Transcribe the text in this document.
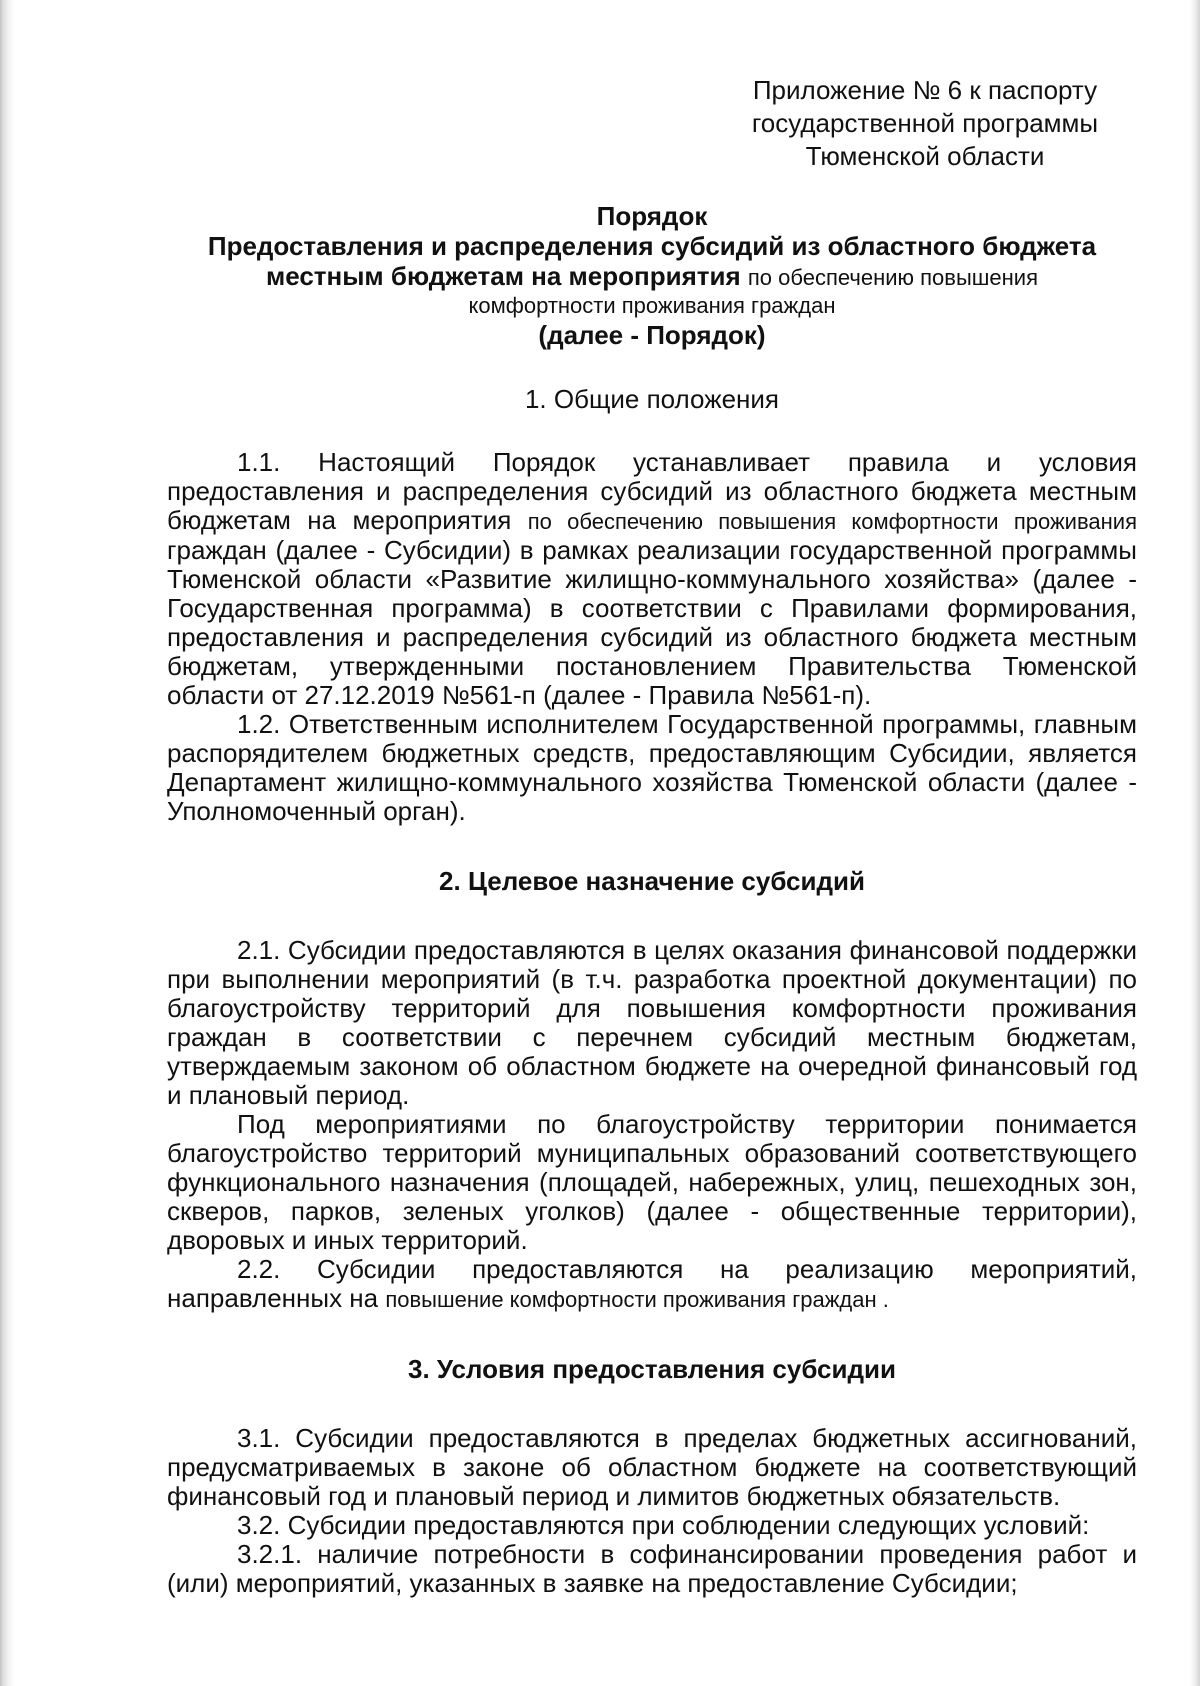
Приложение № 6 к паспорту
государственной программы
Тюменской области
Порядок
Предоставления и распределения субсидий из областного бюджета
местным бюджетам на мероприятия по обеспечению повышения
комфортности проживания граждан
(далее - Порядок)
1. Общие положения

1.1. Настоящий Порядок устанавливает правила и условия предоставления и распределения субсидий из областного бюджета местным бюджетам на мероприятия по обеспечению повышения комфортности проживания граждан (далее - Субсидии) в рамках реализации государственной программы Тюменской области «Развитие жилищно-коммунального хозяйства» (далее - Государственная программа) в соответствии с Правилами формирования, предоставления и распределения субсидий из областного бюджета местным бюджетам, утвержденными постановлением Правительства Тюменской области от 27.12.2019 №561-п (далее - Правила №561-п).

1.2. Ответственным исполнителем Государственной программы, главным распорядителем бюджетных средств, предоставляющим Субсидии, является Департамент жилищно-коммунального хозяйства Тюменской области (далее - Уполномоченный орган).

2. Целевое назначение субсидий

2.1. Субсидии предоставляются в целях оказания финансовой поддержки при выполнении мероприятий (в т.ч. разработка проектной документации) по благоустройству территорий для повышения комфортности проживания граждан в соответствии с перечнем субсидий местным бюджетам, утверждаемым законом об областном бюджете на очередной финансовый год и плановый период.

Под мероприятиями по благоустройству территории понимается благоустройство территорий муниципальных образований соответствующего функционального назначения (площадей, набережных, улиц, пешеходных зон, скверов, парков, зеленых уголков) (далее - общественные территории), дворовых и иных территорий.

2.2. Субсидии предоставляются на реализацию мероприятий, направленных на повышение комфортности проживания граждан .

3. Условия предоставления субсидии

3.1. Субсидии предоставляются в пределах бюджетных ассигнований, предусматриваемых в законе об областном бюджете на соответствующий финансовый год и плановый период и лимитов бюджетных обязательств.

3.2. Субсидии предоставляются при соблюдении следующих условий:

3.2.1. наличие потребности в софинансировании проведения работ и (или) мероприятий, указанных в заявке на предоставление Субсидии;
